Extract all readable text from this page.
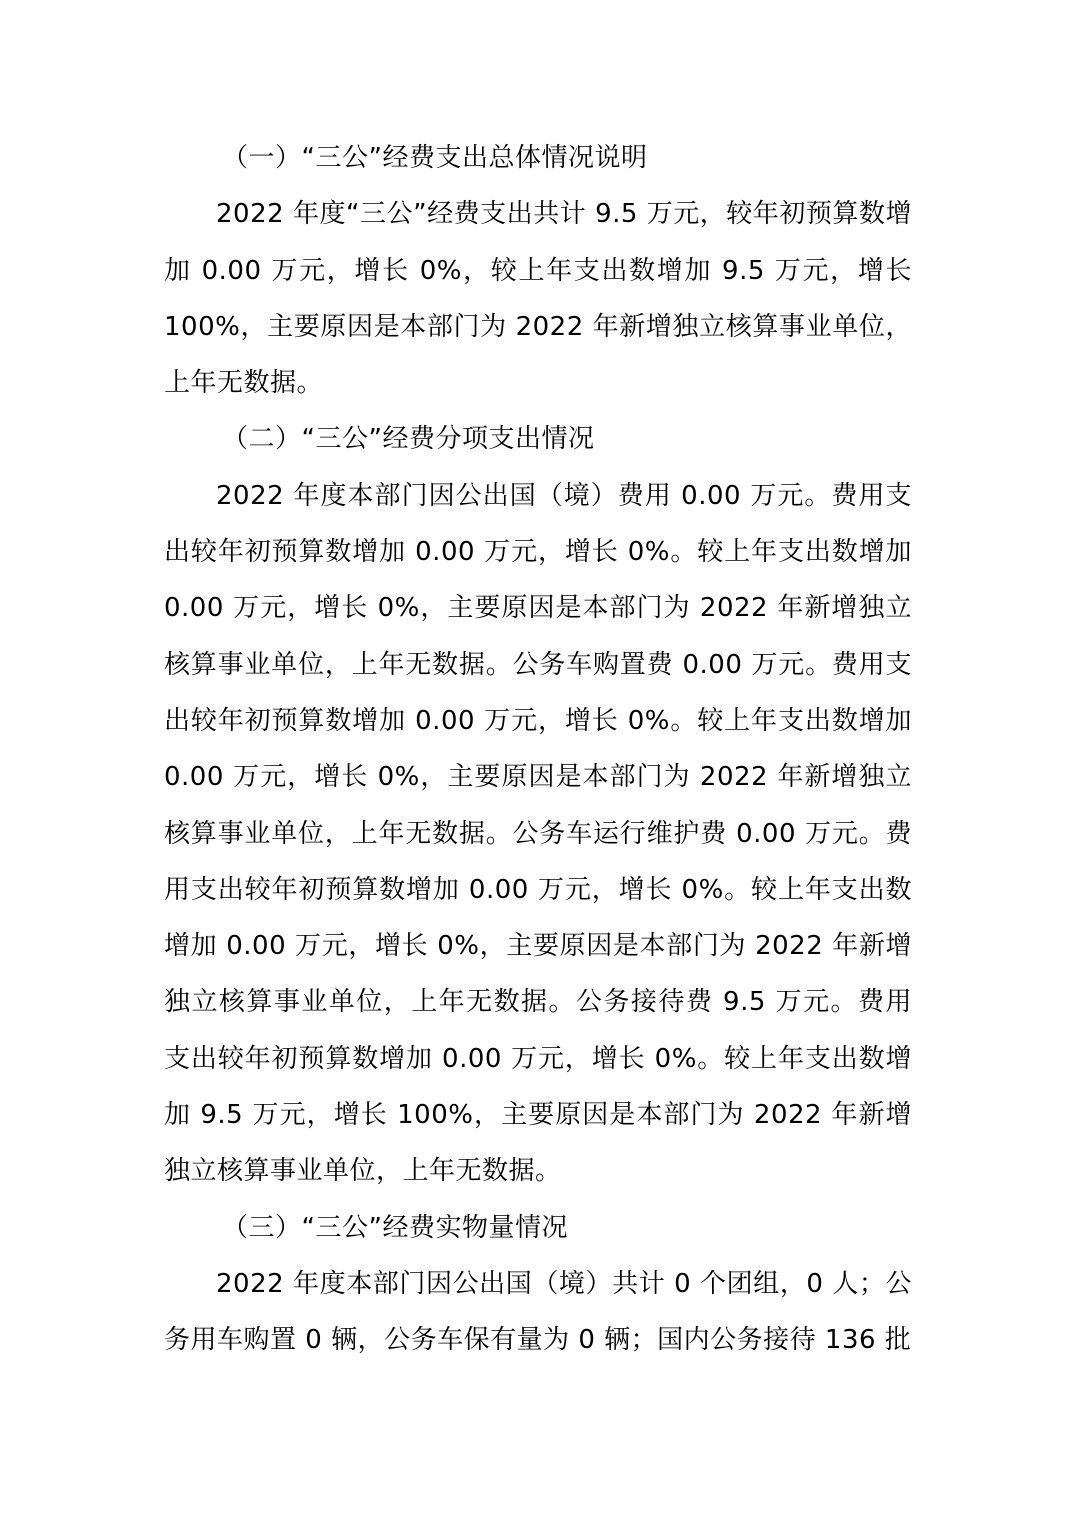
（一）“三公”经费支出总体情况说明

2022 年度“三公”经费支出共计 9.5 万元，较年初预算数增加 0.00 万元，增长 0%，较上年支出数增加 9.5 万元，增长 100%，主要原因是本部门为 2022 年新增独立核算事业单位，上年无数据。

（二）“三公”经费分项支出情况

2022 年度本部门因公出国（境）费用 0.00 万元。费用支出较年初预算数增加 0.00 万元，增长 0%。较上年支出数增加 0.00 万元，增长 0%，主要原因是本部门为 2022 年新增独立核算事业单位，上年无数据。公务车购置费 0.00 万元。费用支出较年初预算数增加 0.00 万元，增长 0%。较上年支出数增加 0.00 万元，增长 0%，主要原因是本部门为 2022 年新增独立核算事业单位，上年无数据。公务车运行维护费 0.00 万元。费用支出较年初预算数增加 0.00 万元，增长 0%。较上年支出数增加 0.00 万元，增长 0%，主要原因是本部门为 2022 年新增独立核算事业单位，上年无数据。公务接待费 9.5 万元。费用支出较年初预算数增加 0.00 万元，增长 0%。较上年支出数增加 9.5 万元，增长 100%，主要原因是本部门为 2022 年新增独立核算事业单位，上年无数据。

（三）“三公”经费实物量情况

2022 年度本部门因公出国（境）共计 0 个团组，0 人；公务用车购置 0 辆，公务车保有量为 0 辆；国内公务接待 136 批
